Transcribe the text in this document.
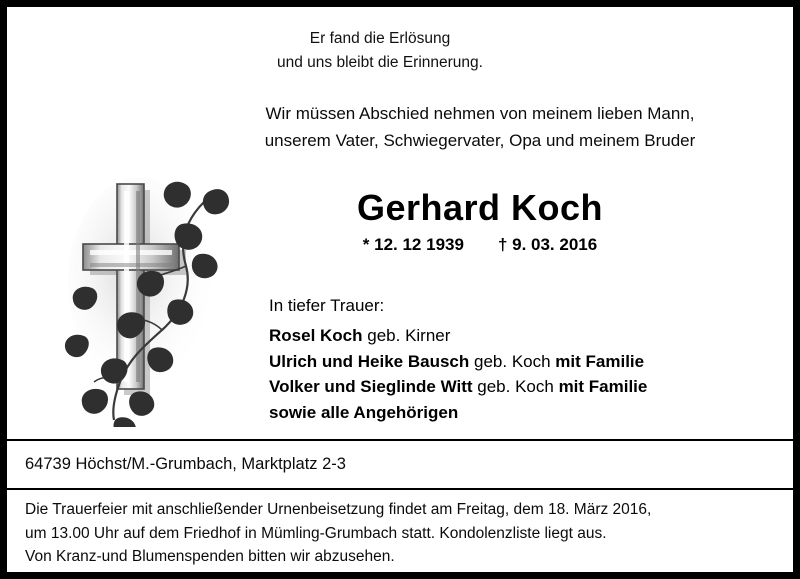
Er fand die Erlösung
und uns bleibt die Erinnerung.
Wir müssen Abschied nehmen von meinem lieben Mann,
unserem Vater, Schwiegervater, Opa und meinem Bruder
Gerhard Koch
* 12. 12 1939 † 9. 03. 2016
In tiefer Trauer:
Rosel Koch geb. Kirner
Ulrich und Heike Bausch geb. Koch mit Familie
Volker und Sieglinde Witt geb. Koch mit Familie
sowie alle Angehörigen
64739 Höchst/M.-Grumbach, Marktplatz 2-3
Die Trauerfeier mit anschließender Urnenbeisetzung findet am Freitag, dem 18. März 2016,
um 13.00 Uhr auf dem Friedhof in Mümling-Grumbach statt. Kondolenzliste liegt aus.
Von Kranz-und Blumenspenden bitten wir abzusehen.
